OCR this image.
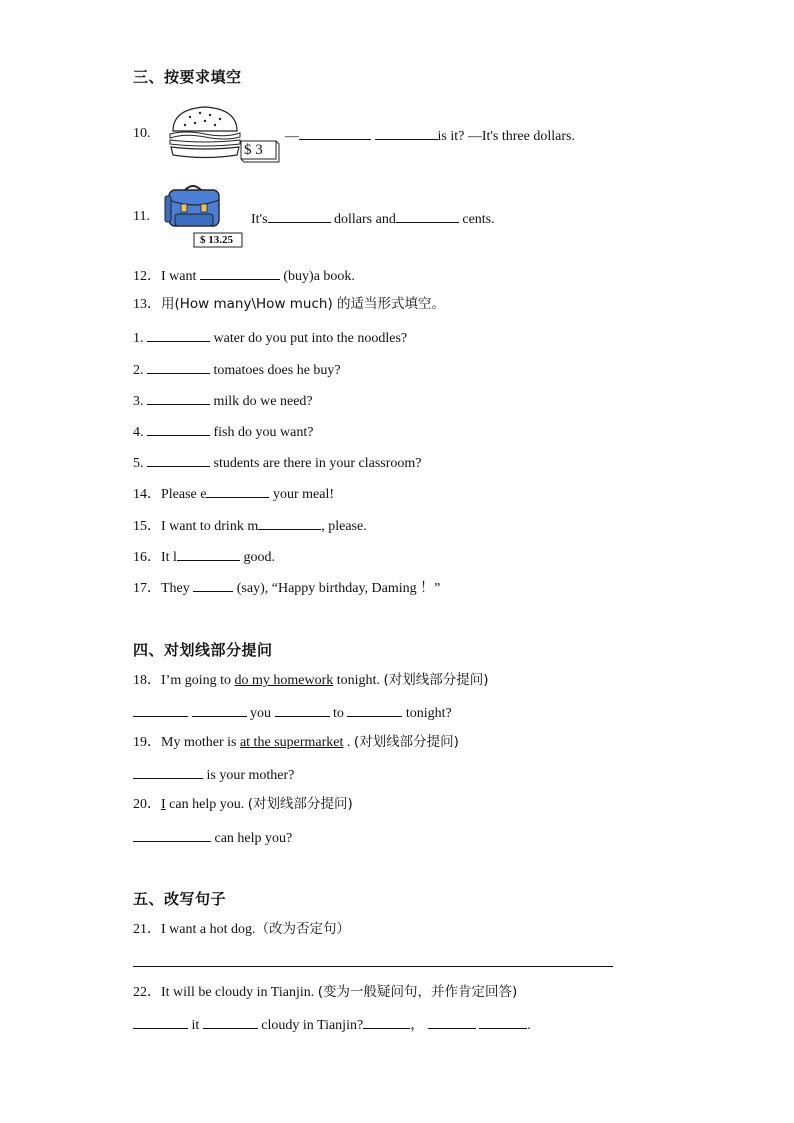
三、按要求填空
10.
$ 3
—	is it? —It's three dollars.
11.
$ 13.25
It's	dollars and	cents.
12．I want	(buy)a book.
13．用(How many\How much) 的适当形式填空。
1.	water do you put into the noodles?
2.	tomatoes does he buy?
3.	milk do we need?
4.	fish do you want?
5.	students are there in your classroom?
14．Please e	your meal!
15．I want to drink m	, please.
16．It l	good.
17．They	(say), “Happy birthday, Daming ！”
四、对划线部分提问
18．I’m going to do my homework tonight. (对划线部分提问)
you	to	tonight?
19．My mother is at the supermarket . (对划线部分提问)
is your mother?
20．I can help you. (对划线部分提问)
can help you?
五、改写句子
21．I want a hot dog.（改为否定句）
22．It will be cloudy in Tianjin. (变为一般疑问句，并作肯定回答)
it	cloudy in Tianjin?	，	.
